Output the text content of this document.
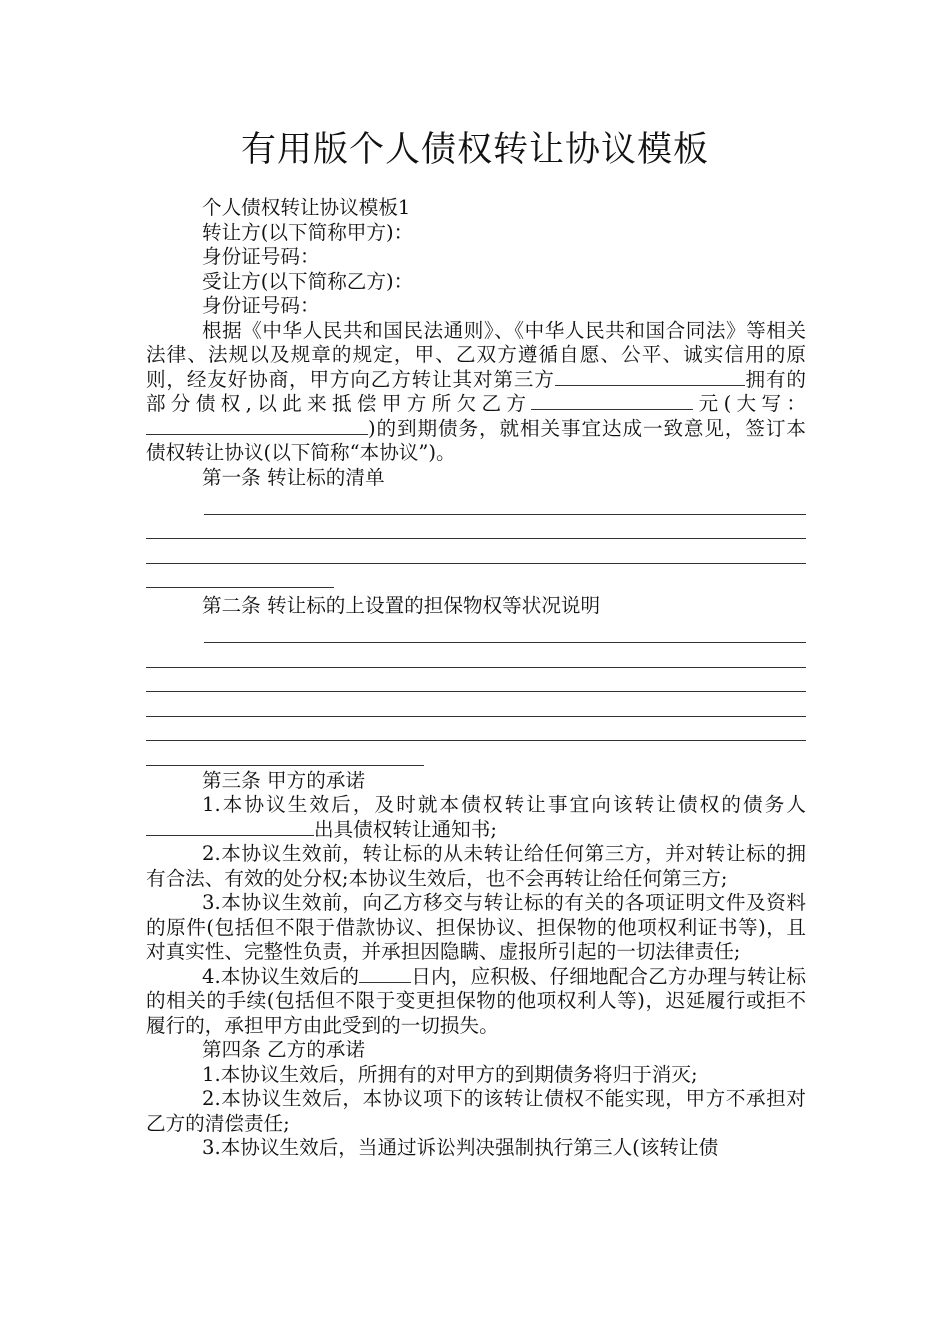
有用版个人债权转让协议模板

个人债权转让协议模板1

转让方(以下简称甲方)：

身份证号码：

受让方(以下简称乙方)：

身份证号码：

根据《中华人民共和国民法通则》、《中华人民共和国合同法》等相关法律、法规以及规章的规定，甲、乙双方遵循自愿、公平、诚实信用的原则，经友好协商，甲方向乙方转让其对第三方	拥有的部分债权,以此来抵偿甲方所欠乙方	元(大写：)的到期债务，就相关事宜达成一致意见，签订本债权转让协议(以下简称“本协议”)。

第一条 转让标的清单

第二条 转让标的上设置的担保物权等状况说明

第三条 甲方的承诺

1.本协议生效后，及时就本债权转让事宜向该转让债权的债务人出具债权转让通知书;

2.本协议生效前，转让标的从未转让给任何第三方，并对转让标的拥有合法、有效的处分权;本协议生效后，也不会再转让给任何第三方;

3.本协议生效前，向乙方移交与转让标的有关的各项证明文件及资料的原件(包括但不限于借款协议、担保协议、担保物的他项权利证书等)，且对真实性、完整性负责，并承担因隐瞒、虚报所引起的一切法律责任;

4.本协议生效后的	日内，应积极、仔细地配合乙方办理与转让标的相关的手续(包括但不限于变更担保物的他项权利人等)，迟延履行或拒不履行的，承担甲方由此受到的一切损失。

第四条 乙方的承诺

1.本协议生效后，所拥有的对甲方的到期债务将归于消灭;

2.本协议生效后，本协议项下的该转让债权不能实现，甲方不承担对乙方的清偿责任;

3.本协议生效后，当通过诉讼判决强制执行第三人(该转让债
